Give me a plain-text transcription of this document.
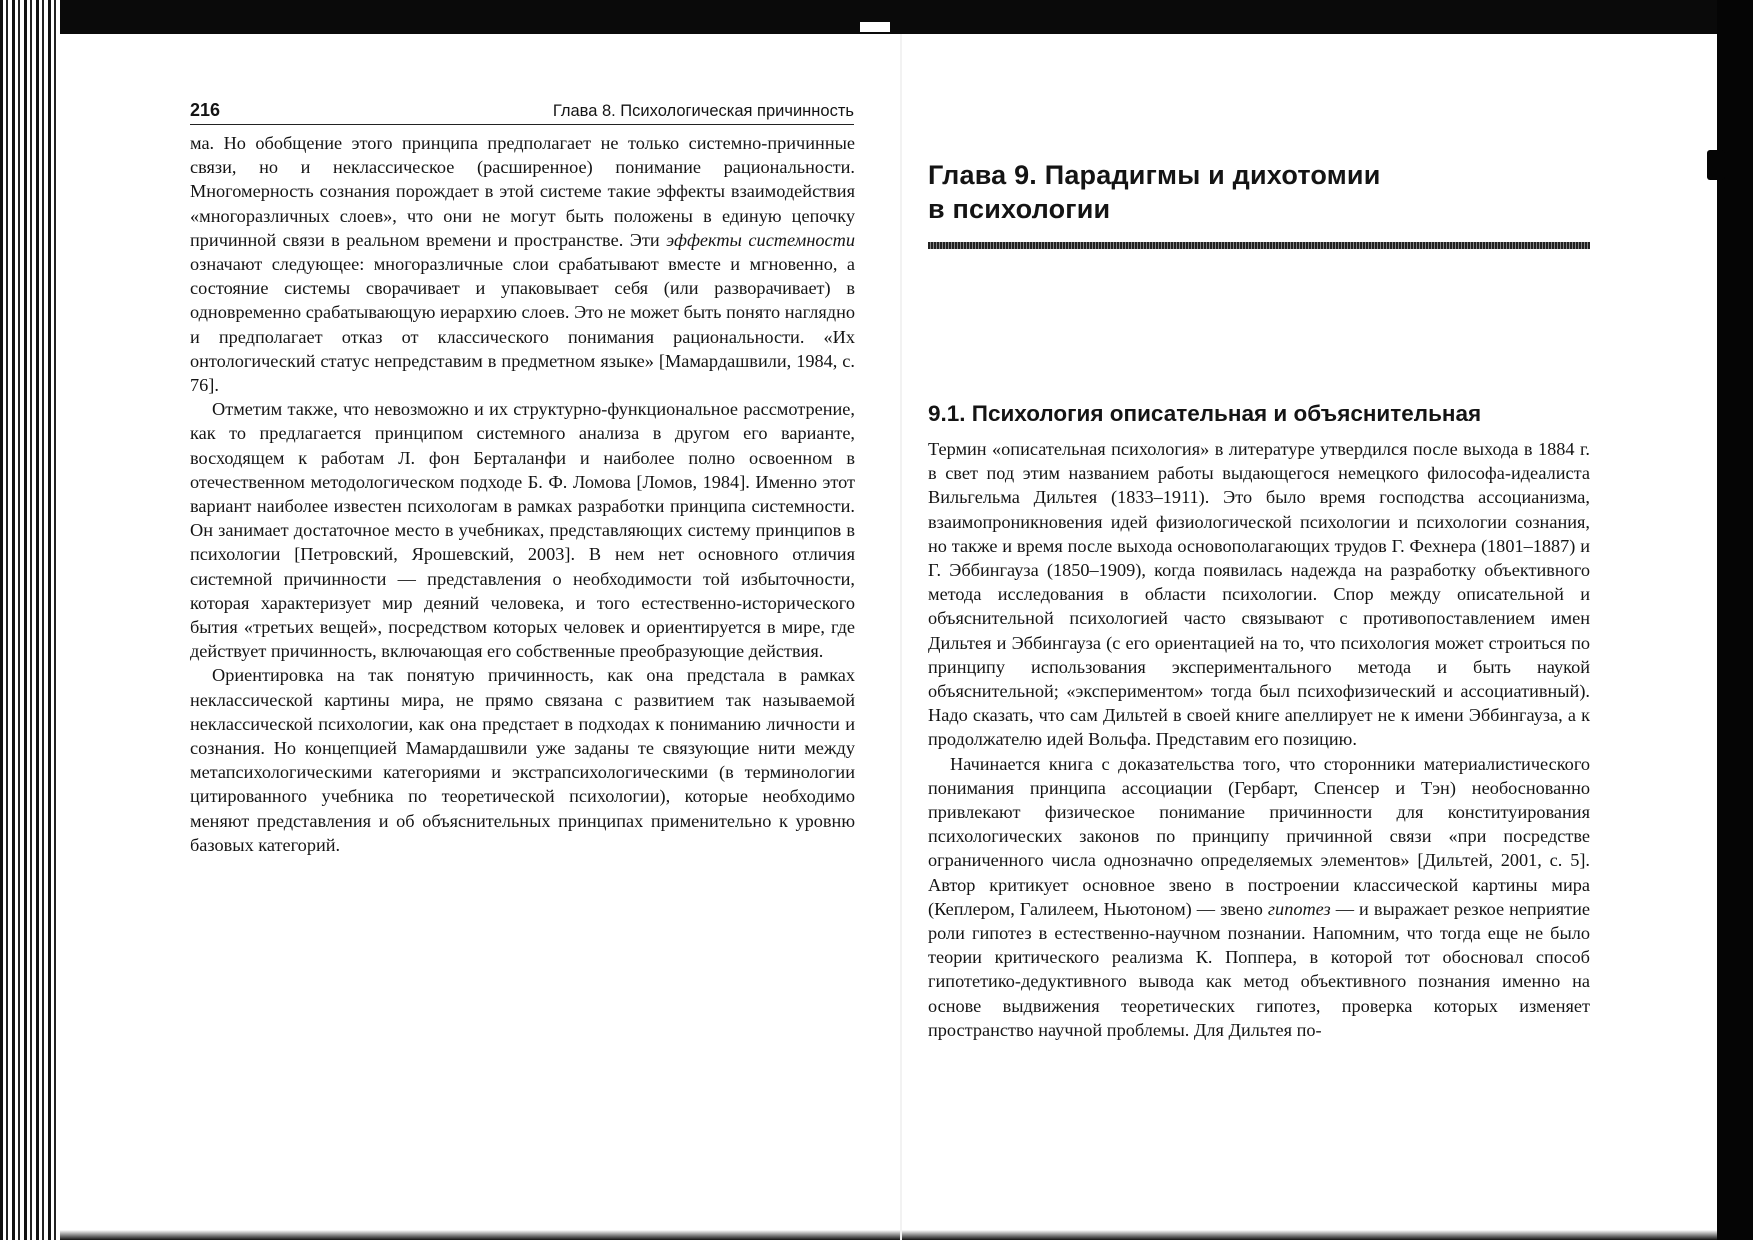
216	Глава 8. Психологическая причинность

ма. Но обобщение этого принципа предполагает не только системно-причинные связи, но и неклассическое (расширенное) понимание рациональности. Многомерность сознания порождает в этой системе такие эффекты взаимодействия «многоразличных слоев», что они не могут быть положены в единую цепочку причинной связи в реальном времени и пространстве. Эти эффекты системности означают следующее: многоразличные слои срабатывают вместе и мгновенно, а состояние системы сворачивает и упаковывает себя (или разворачивает) в одновременно срабатывающую иерархию слоев. Это не может быть понято наглядно и предполагает отказ от классического понимания рациональности. «Их онтологический статус непредставим в предметном языке» [Мамардашвили, 1984, с. 76].

Отметим также, что невозможно и их структурно-функциональное рассмотрение, как то предлагается принципом системного анализа в другом его варианте, восходящем к работам Л. фон Берталанфи и наиболее полно освоенном в отечественном методологическом подходе Б. Ф. Ломова [Ломов, 1984]. Именно этот вариант наиболее известен психологам в рамках разработки принципа системности. Он занимает достаточное место в учебниках, представляющих систему принципов в психологии [Петровский, Ярошевский, 2003]. В нем нет основного отличия системной причинности — представления о необходимости той избыточности, которая характеризует мир деяний человека, и того естественно-исторического бытия «третьих вещей», посредством которых человек и ориентируется в мире, где действует причинность, включающая его собственные преобразующие действия.

Ориентировка на так понятую причинность, как она предстала в рамках неклассической картины мира, не прямо связана с развитием так называемой неклассической психологии, как она предстает в подходах к пониманию личности и сознания. Но концепцией Мамардашвили уже заданы те связующие нити между метапсихологическими категориями и экстрапсихологическими (в терминологии цитированного учебника по теоретической психологии), которые необходимо меняют представления и об объяснительных принципах применительно к уровню базовых категорий.

Глава 9. Парадигмы и дихотомии
в психологии
9.1. Психология описательная и объяснительная

Термин «описательная психология» в литературе утвердился после выхода в 1884 г. в свет под этим названием работы выдающегося немецкого философа-идеалиста Вильгельма Дильтея (1833–1911). Это было время господства ассоцианизма, взаимопроникновения идей физиологической психологии и психологии сознания, но также и время после выхода основополагающих трудов Г. Фехнера (1801–1887) и Г. Эббингауза (1850–1909), когда появилась надежда на разработку объективного метода исследования в области психологии. Спор между описательной и объяснительной психологией часто связывают с противопоставлением имен Дильтея и Эббингауза (с его ориентацией на то, что психология может строиться по принципу использования экспериментального метода и быть наукой объяснительной; «экспериментом» тогда был психофизический и ассоциативный). Надо сказать, что сам Дильтей в своей книге апеллирует не к имени Эббингауза, а к продолжателю идей Вольфа. Представим его позицию.

Начинается книга с доказательства того, что сторонники материалистического понимания принципа ассоциации (Гербарт, Спенсер и Тэн) необоснованно привлекают физическое понимание причинности для конституирования психологических законов по принципу причинной связи «при посредстве ограниченного числа однозначно определяемых элементов» [Дильтей, 2001, с. 5]. Автор критикует основное звено в построении классической картины мира (Кеплером, Галилеем, Ньютоном) — звено гипотез — и выражает резкое неприятие роли гипотез в естественно-научном познании. Напомним, что тогда еще не было теории критического реализма К. Поппера, в которой тот обосновал способ гипотетико-дедуктивного вывода как метод объективного познания именно на основе выдвижения теоретических гипотез, проверка которых изменяет пространство научной проблемы. Для Дильтея по-
